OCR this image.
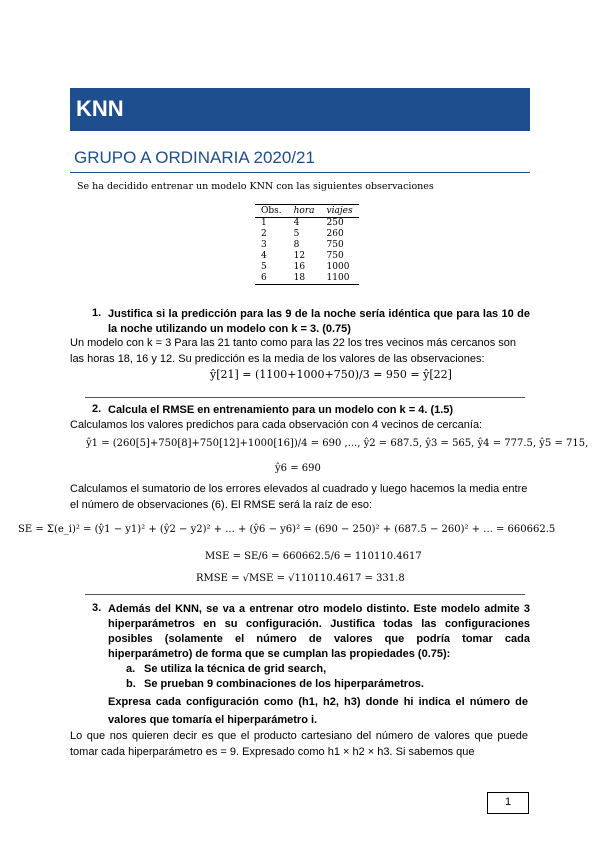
KNN
GRUPO A ORDINARIA 2020/21
Se ha decidido entrenar un modelo KNN con las siguientes observaciones
Obs.	hora	viajes
1	4	250
2	5	260
3	8	750
4	12	750
5	16	1000
6	18	1100
1. Justifica si la predicción para las 9 de la noche sería idéntica que para las 10 de la noche utilizando un modelo con k = 3. (0.75)
Un modelo con k = 3 Para las 21 tanto como para las 22 los tres vecinos más cercanos son las horas 18, 16 y 12. Su predicción es la media de los valores de las observaciones:
ŷ[21] = (1100+1000+750)/3 = 950 = ŷ[22]
2. Calcula el RMSE en entrenamiento para un modelo con k = 4. (1.5)
Calculamos los valores predichos para cada observación con 4 vecinos de cercanía:
ŷ1 = (260[5]+750[8]+750[12]+1000[16])/4 = 690 ,..., ŷ2 = 687.5, ŷ3 = 565, ŷ4 = 777.5, ŷ5 = 715,
ŷ6 = 690
Calculamos el sumatorio de los errores elevados al cuadrado y luego hacemos la media entre el número de observaciones (6). El RMSE será la raíz de eso:
SE = Σ(e_i)² = (ŷ1 − y1)² + (ŷ2 − y2)² + ... + (ŷ6 − y6)² = (690 − 250)² + (687.5 − 260)² + ... = 660662.5
MSE = SE/6 = 660662.5/6 = 110110.4617
RMSE = √MSE = √110110.4617 = 331.8
3. Además del KNN, se va a entrenar otro modelo distinto. Este modelo admite 3 hiperparámetros en su configuración. Justifica todas las configuraciones posibles (solamente el número de valores que podría tomar cada hiperparámetro) de forma que se cumplan las propiedades (0.75):
a. Se utiliza la técnica de grid search,
b. Se prueban 9 combinaciones de los hiperparámetros.
Expresa cada configuración como (h1, h2, h3) donde hi indica el número de valores que tomaría el hiperparámetro i.
Lo que nos quieren decir es que el producto cartesiano del número de valores que puede tomar cada hiperparámetro es = 9. Expresado como h1 × h2 × h3. Si sabemos que
1
